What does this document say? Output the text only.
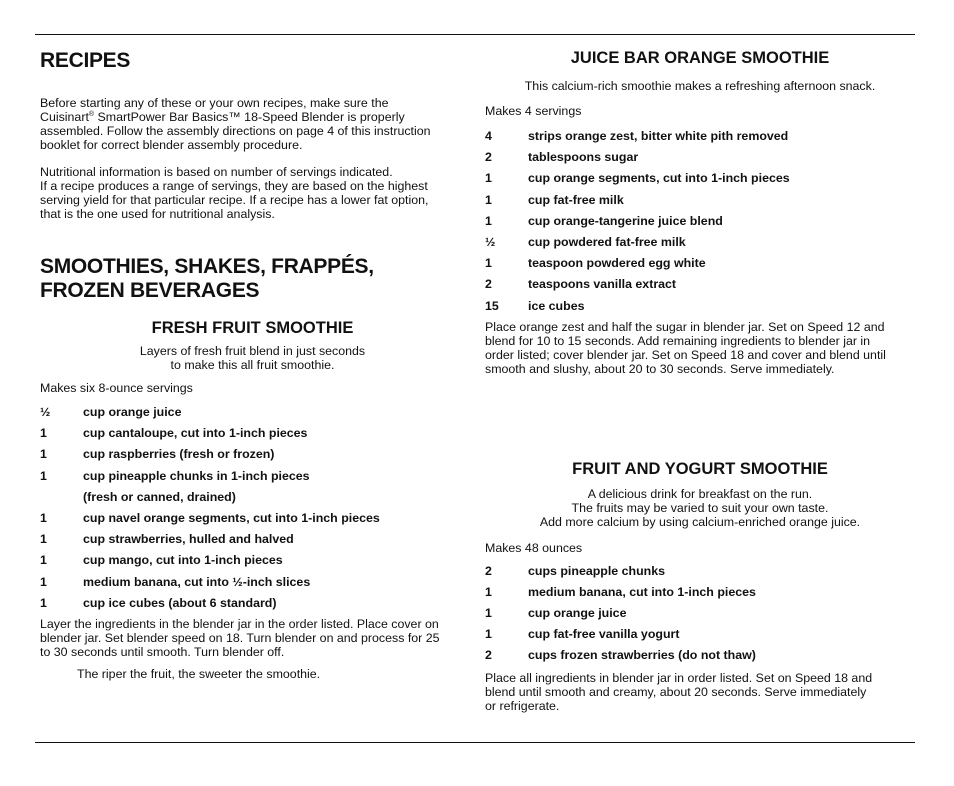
RECIPES
Before starting any of these or your own recipes, make sure the
Cuisinart® SmartPower Bar Basics™ 18-Speed Blender is properly
assembled. Follow the assembly directions on page 4 of this instruction
booklet for correct blender assembly procedure.
Nutritional information is based on number of servings indicated.
If a recipe produces a range of servings, they are based on the highest
serving yield for that particular recipe. If a recipe has a lower fat option,
that is the one used for nutritional analysis.
SMOOTHIES, SHAKES, FRAPPÉS,
FROZEN BEVERAGES
FRESH FRUIT SMOOTHIE
Layers of fresh fruit blend in just seconds
to make this all fruit smoothie.

Makes six 8-ounce servings

½	cup orange juice
1	cup cantaloupe, cut into 1-inch pieces
1	cup raspberries (fresh or frozen)
1	cup pineapple chunks in 1-inch pieces
(fresh or canned, drained)
1	cup navel orange segments, cut into 1-inch pieces
1	cup strawberries, hulled and halved
1	cup mango, cut into 1-inch pieces
1	medium banana, cut into ½-inch slices
1	cup ice cubes (about 6 standard)
Layer the ingredients in the blender jar in the order listed. Place cover on
blender jar. Set blender speed on 18. Turn blender on and process for 25
to 30 seconds until smooth. Turn blender off.

The riper the fruit, the sweeter the smoothie.

JUICE BAR ORANGE SMOOTHIE

This calcium-rich smoothie makes a refreshing afternoon snack.

Makes 4 servings

4	strips orange zest, bitter white pith removed
2	tablespoons sugar
1	cup orange segments, cut into 1-inch pieces
1	cup fat-free milk
1	cup orange-tangerine juice blend
½	cup powdered fat-free milk
1	teaspoon powdered egg white
2	teaspoons vanilla extract
15	ice cubes
Place orange zest and half the sugar in blender jar. Set on Speed 12 and
blend for 10 to 15 seconds. Add remaining ingredients to blender jar in
order listed; cover blender jar. Set on Speed 18 and cover and blend until
smooth and slushy, about 20 to 30 seconds. Serve immediately.
FRUIT AND YOGURT SMOOTHIE
A delicious drink for breakfast on the run.
The fruits may be varied to suit your own taste.
Add more calcium by using calcium-enriched orange juice.

Makes 48 ounces

2	cups pineapple chunks
1	medium banana, cut into 1-inch pieces
1	cup orange juice
1	cup fat-free vanilla yogurt
2	cups frozen strawberries (do not thaw)
Place all ingredients in blender jar in order listed. Set on Speed 18 and
blend until smooth and creamy, about 20 seconds. Serve immediately
or refrigerate.
